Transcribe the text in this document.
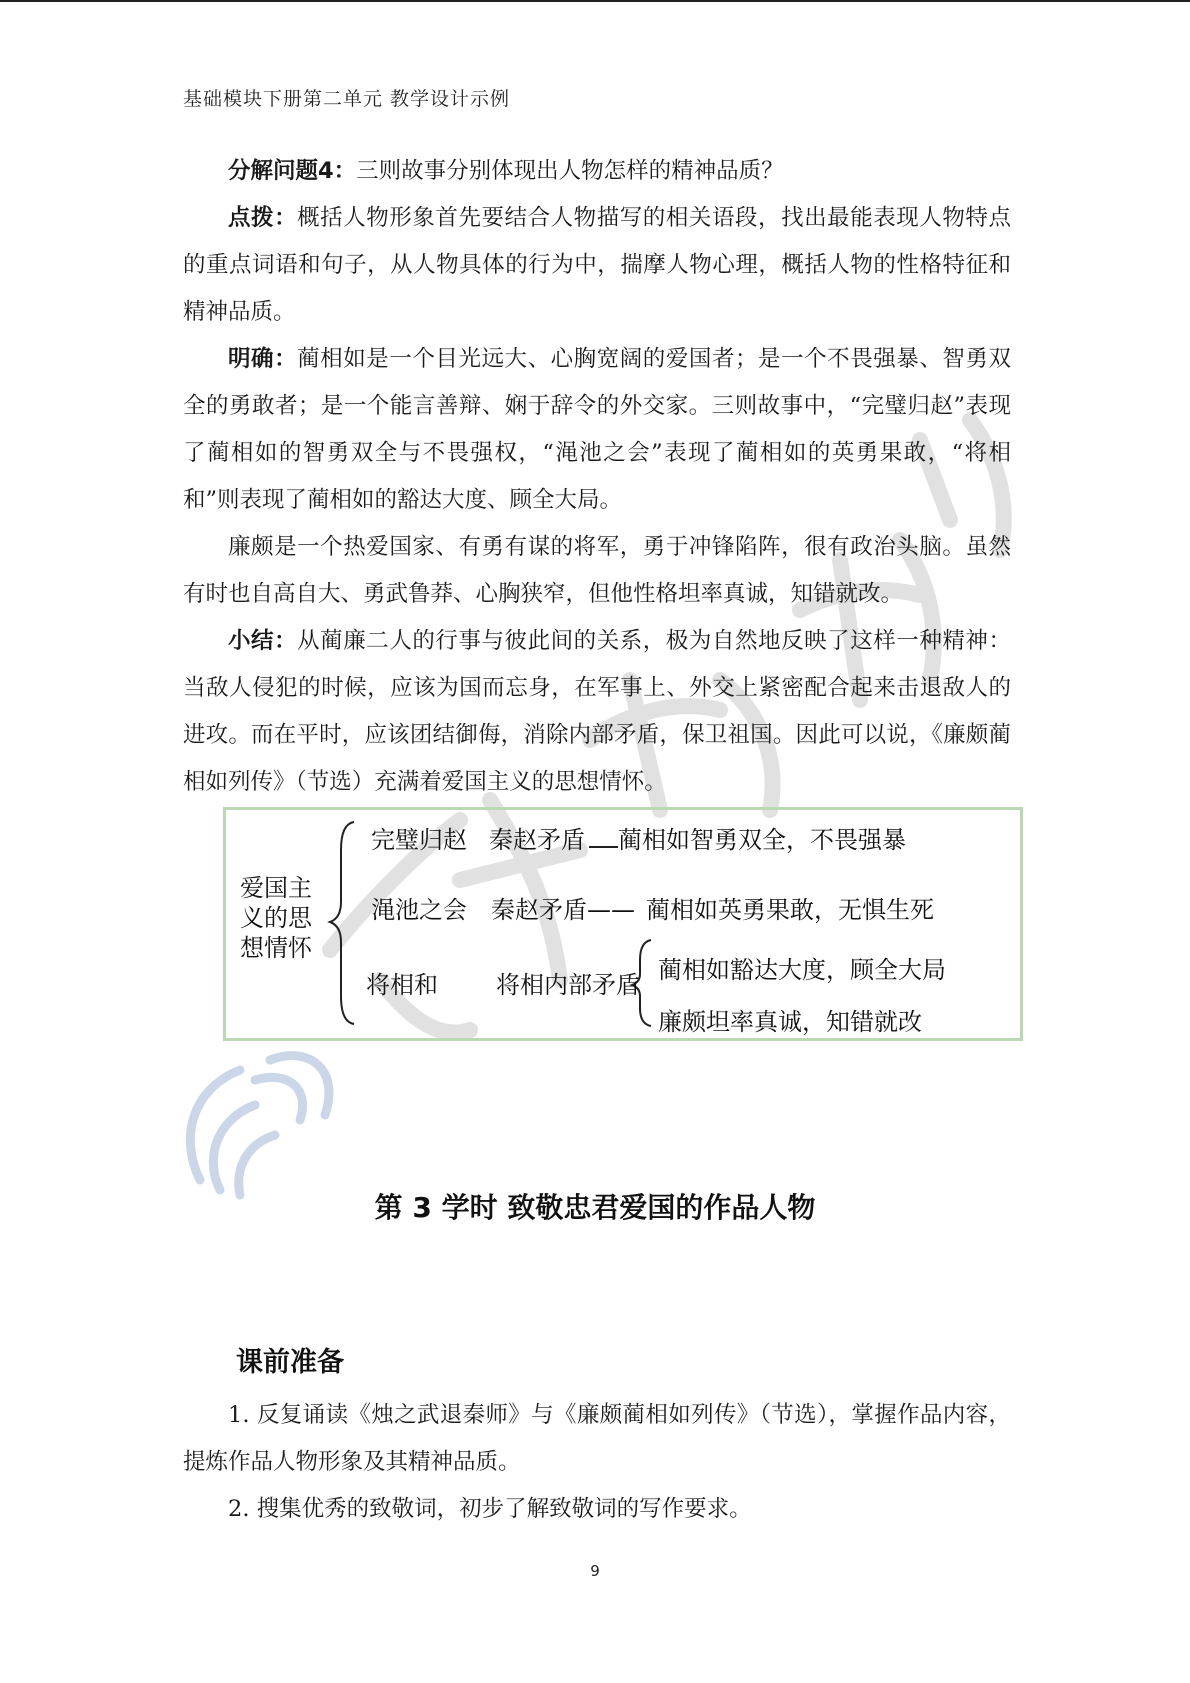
基础模块下册第二单元 教学设计示例

分解问题4：三则故事分别体现出人物怎样的精神品质？

点拨：概括人物形象首先要结合人物描写的相关语段，找出最能表现人物特点的重点词语和句子，从人物具体的行为中，揣摩人物心理，概括人物的性格特征和精神品质。

明确：蔺相如是一个目光远大、心胸宽阔的爱国者；是一个不畏强暴、智勇双全的勇敢者；是一个能言善辩、娴于辞令的外交家。三则故事中，“完璧归赵”表现了蔺相如的智勇双全与不畏强权，“渑池之会”表现了蔺相如的英勇果敢，“将相和”则表现了蔺相如的豁达大度、顾全大局。

廉颇是一个热爱国家、有勇有谋的将军，勇于冲锋陷阵，很有政治头脑。虽然有时也自高自大、勇武鲁莽、心胸狭窄，但他性格坦率真诚，知错就改。

小结：从蔺廉二人的行事与彼此间的关系，极为自然地反映了这样一种精神：当敌人侵犯的时候，应该为国而忘身，在军事上、外交上紧密配合起来击退敌人的进攻。而在平时，应该团结御侮，消除内部矛盾，保卫祖国。因此可以说，《廉颇蔺相如列传》（节选）充满着爱国主义的思想情怀。

爱国主
义的思
想情怀
完璧归赵 秦赵矛盾 蔺相如智勇双全，不畏强暴
渑池之会 秦赵矛盾—— 蔺相如英勇果敢，无惧生死
将相和 将相内部矛盾
蔺相如豁达大度，顾全大局
廉颇坦率真诚，知错就改
第 3 学时 致敬忠君爱国的作品人物
课前准备

1. 反复诵读《烛之武退秦师》与《廉颇蔺相如列传》（节选），掌握作品内容，提炼作品人物形象及其精神品质。

2. 搜集优秀的致敬词，初步了解致敬词的写作要求。

9
